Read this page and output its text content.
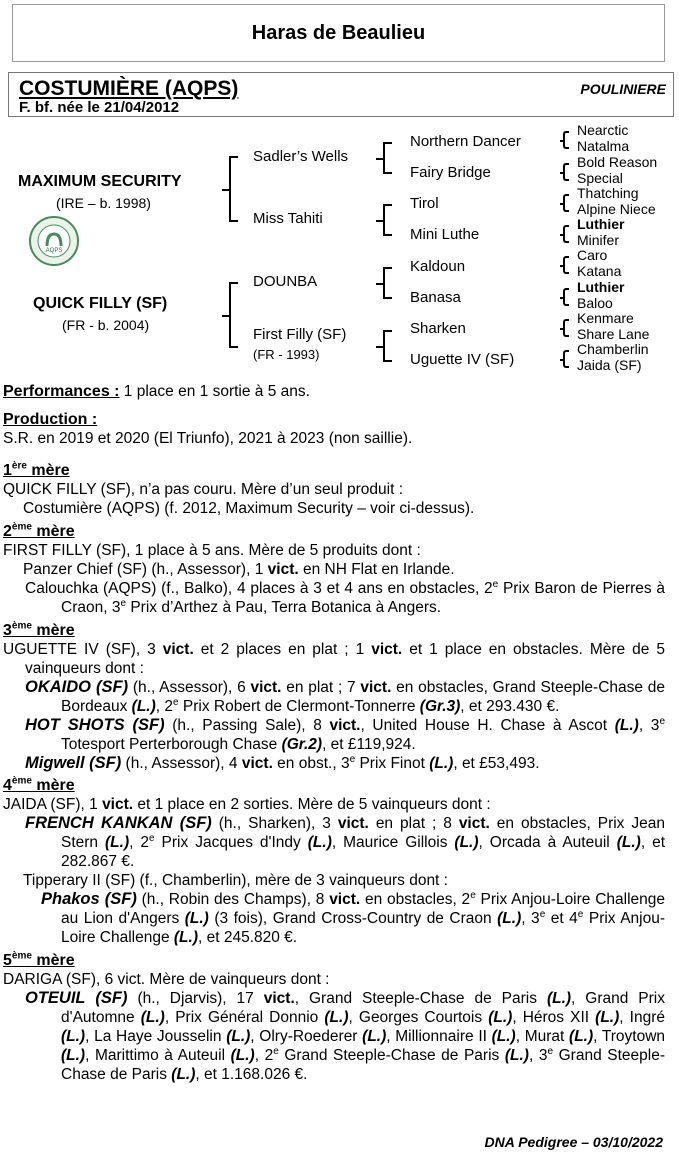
Haras de Beaulieu
COSTUMIÈRE (AQPS)	POULINIERE
F. bf. née le 21/04/2012
MAXIMUM SECURITY
(IRE – b. 1998)
AQPS
QUICK FILLY (SF)
(FR - b. 2004)
Sadler’s Wells
Miss Tahiti
DOUNBA
First Filly (SF)
(FR - 1993)
Northern Dancer
Fairy Bridge
Tirol
Mini Luthe
Kaldoun
Banasa
Sharken
Uguette IV (SF)
Nearctic
Natalma
Bold Reason
Special
Thatching
Alpine Niece
Luthier
Minifer
Caro
Katana
Luthier
Baloo
Kenmare
Share Lane
Chamberlin
Jaida (SF)

Performances : 1 place en 1 sortie à 5 ans.

Production :

S.R. en 2019 et 2020 (El Triunfo), 2021 à 2023 (non saillie).

1ère mère

QUICK FILLY (SF), n’a pas couru. Mère d’un seul produit :

Costumière (AQPS) (f. 2012, Maximum Security – voir ci-dessus).

2ème mère

FIRST FILLY (SF), 1 place à 5 ans. Mère de 5 produits dont :

Panzer Chief (SF) (h., Assessor), 1 vict. en NH Flat en Irlande.

Calouchka (AQPS) (f., Balko), 4 places à 3 et 4 ans en obstacles, 2e Prix Baron de Pierres à Craon, 3e Prix d’Arthez à Pau, Terra Botanica à Angers.

3ème mère

UGUETTE IV (SF), 3 vict. et 2 places en plat ; 1 vict. et 1 place en obstacles. Mère de 5 vainqueurs dont :

OKAIDO (SF) (h., Assessor), 6 vict. en plat ; 7 vict. en obstacles, Grand Steeple-Chase de Bordeaux (L.), 2e Prix Robert de Clermont-Tonnerre (Gr.3), et 293.430 €.

HOT SHOTS (SF) (h., Passing Sale), 8 vict., United House H. Chase à Ascot (L.), 3e Totesport Perterborough Chase (Gr.2), et £119,924.

Migwell (SF) (h., Assessor), 4 vict. en obst., 3e Prix Finot (L.), et £53,493.

4ème mère

JAIDA (SF), 1 vict. et 1 place en 2 sorties. Mère de 5 vainqueurs dont :

FRENCH KANKAN (SF) (h., Sharken), 3 vict. en plat ; 8 vict. en obstacles, Prix Jean Stern (L.), 2e Prix Jacques d'Indy (L.), Maurice Gillois (L.), Orcada à Auteuil (L.), et 282.867 €.

Tipperary II (SF) (f., Chamberlin), mère de 3 vainqueurs dont :

Phakos (SF) (h., Robin des Champs), 8 vict. en obstacles, 2e Prix Anjou-Loire Challenge au Lion d'Angers (L.) (3 fois), Grand Cross-Country de Craon (L.), 3e et 4e Prix Anjou-Loire Challenge (L.), et 245.820 €.

5ème mère

DARIGA (SF), 6 vict. Mère de vainqueurs dont :

OTEUIL (SF) (h., Djarvis), 17 vict., Grand Steeple-Chase de Paris (L.), Grand Prix d'Automne (L.), Prix Général Donnio (L.), Georges Courtois (L.), Héros XII (L.), Ingré (L.), La Haye Jousselin (L.), Olry-Roederer (L.), Millionnaire II (L.), Murat (L.), Troytown (L.), Marittimo à Auteuil (L.), 2e Grand Steeple-Chase de Paris (L.), 3e Grand Steeple-Chase de Paris (L.), et 1.168.026 €.

DNA Pedigree – 03/10/2022
